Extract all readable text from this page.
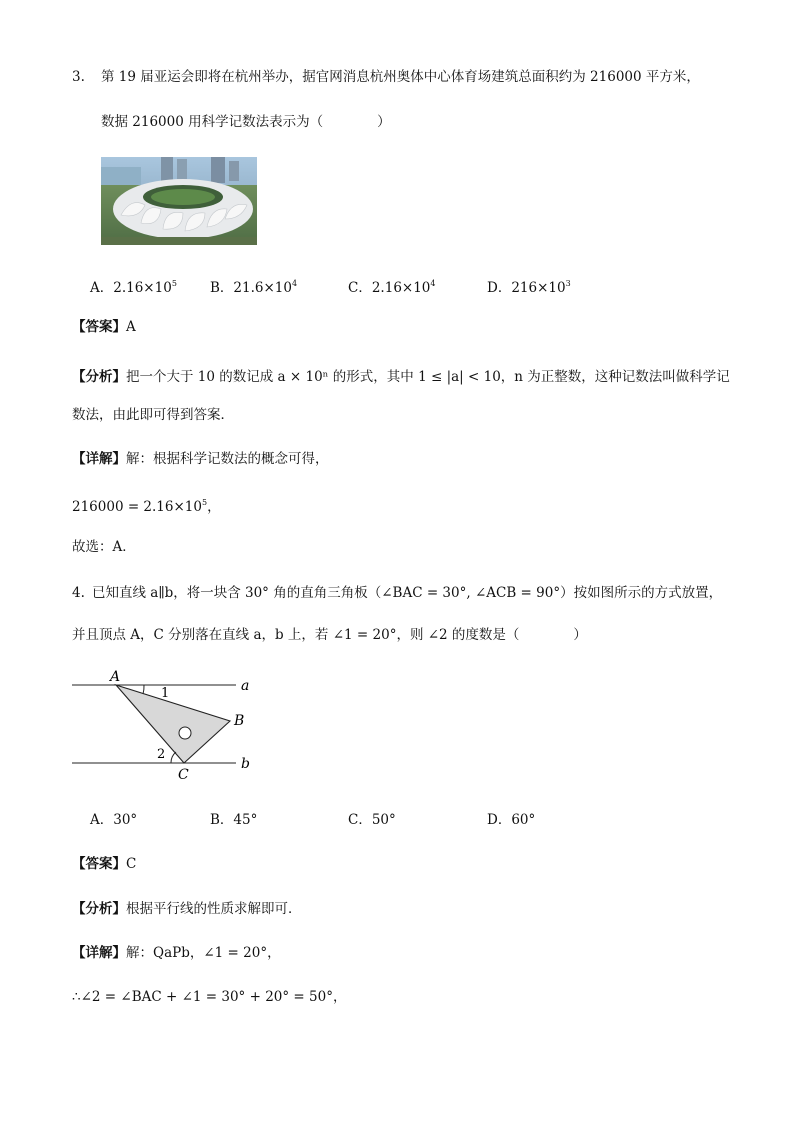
3. 第 19 届亚运会即将在杭州举办，据官网消息杭州奥体中心体育场建筑总面积约为 216000 平方米，
数据 216000 用科学记数法表示为（　　　　）
A．$2.16\times 10^5$ B．$21.6\times 10^4$	C．$2.16\times 10^4$	D．$216\times 10^3$
【答案】A
【分析】把一个大于 10 的数记成 a × 10ⁿ 的形式，其中 1 ≤ |a| < 10，n 为正整数，这种记数法叫做科学记
数法，由此即可得到答案．
【详解】解：根据科学记数法的概念可得，
$216000 = 2.16\times 10^5$，
故选：A．
4. 已知直线 a∥b，将一块含 30° 角的直角三角板（∠BAC = 30°, ∠ACB = 90°）按如图所示的方式放置，
并且顶点 A，C 分别落在直线 a，b 上，若 ∠1 = 20°，则 ∠2 的度数是（　　　　）
A
B
C
a
b
1
2
A．30°	B．45°	C．50°	D．60°
【答案】C
【分析】根据平行线的性质求解即可．
【详解】解：QaPb，∠1 = 20°，
∴∠2 = ∠BAC + ∠1 = 30° + 20° = 50°，
